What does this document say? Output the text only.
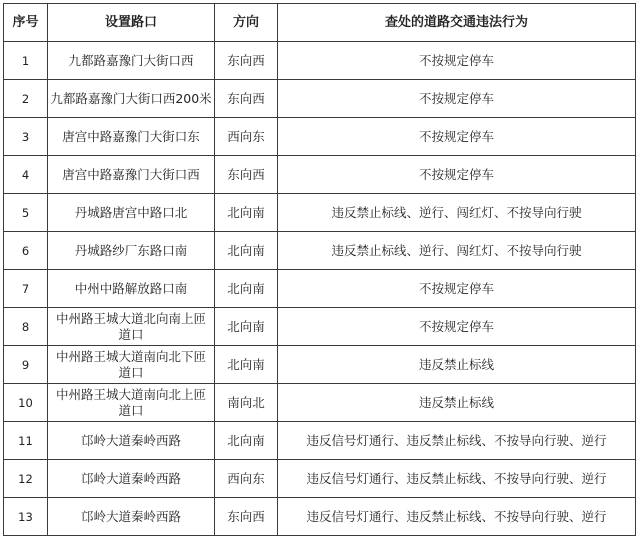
序号	设置路口	方向	查处的道路交通违法行为
1	九都路嘉豫门大街口西	东向西	不按规定停车
2	九都路嘉豫门大街口西200米	东向西	不按规定停车
3	唐宫中路嘉豫门大街口东	西向东	不按规定停车
4	唐宫中路嘉豫门大街口西	东向西	不按规定停车
5	丹城路唐宫中路口北	北向南	违反禁止标线、逆行、闯红灯、不按导向行驶
6	丹城路纱厂东路口南	北向南	违反禁止标线、逆行、闯红灯、不按导向行驶
7	中州中路解放路口南	北向南	不按规定停车
8	中州路王城大道北向南上匝道口	北向南	不按规定停车
9	中州路王城大道南向北下匝道口	北向南	违反禁止标线
10	中州路王城大道南向北上匝道口	南向北	违反禁止标线
11	邙岭大道秦岭西路	北向南	违反信号灯通行、违反禁止标线、不按导向行驶、逆行
12	邙岭大道秦岭西路	西向东	违反信号灯通行、违反禁止标线、不按导向行驶、逆行
13	邙岭大道秦岭西路	东向西	违反信号灯通行、违反禁止标线、不按导向行驶、逆行
